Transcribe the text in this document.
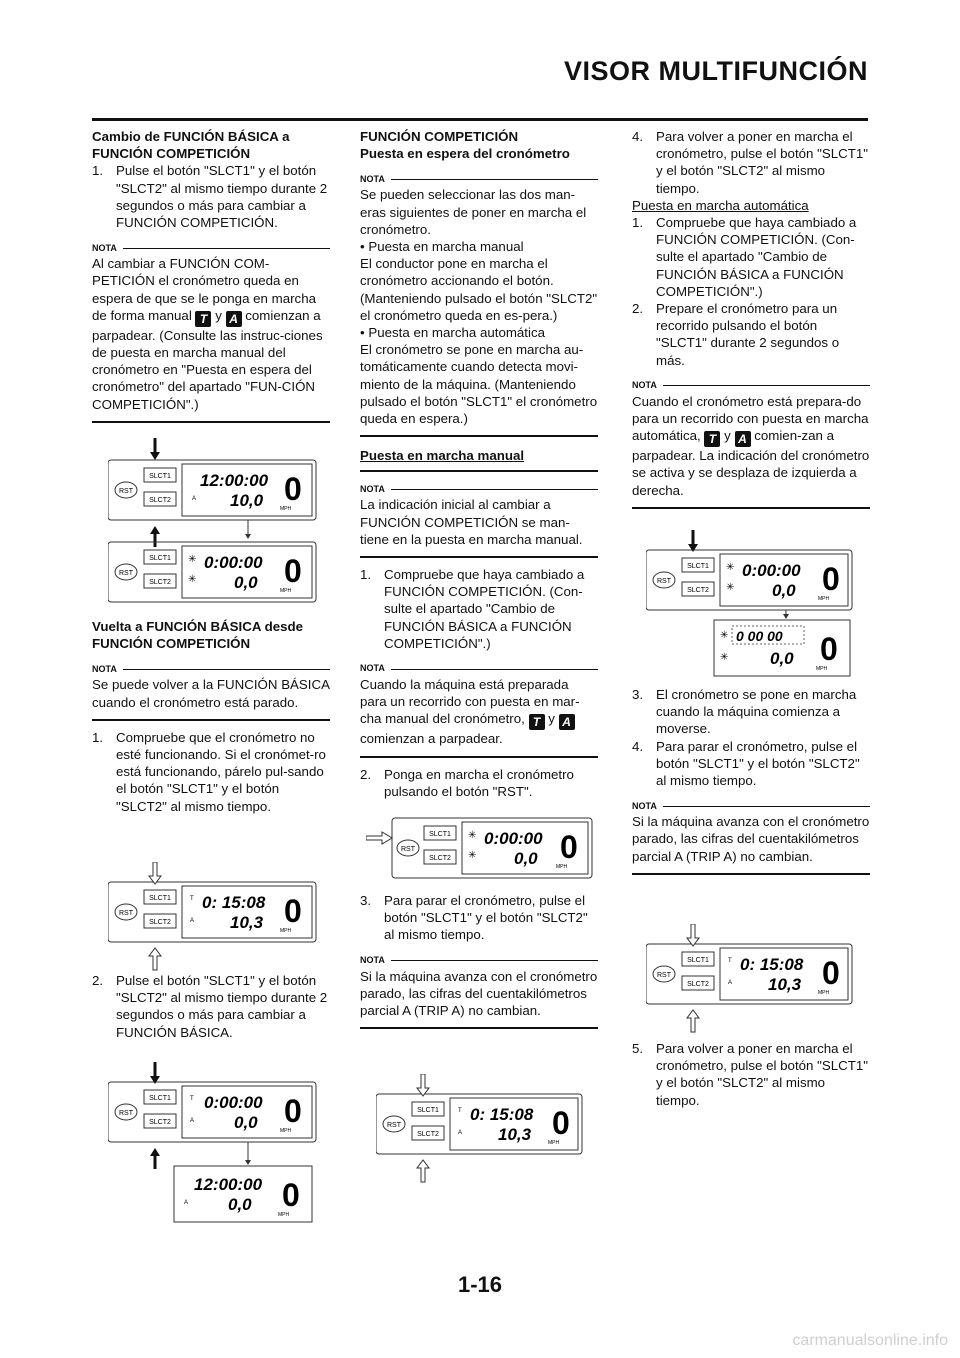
VISOR MULTIFUNCIÓN
Cambio de FUNCIÓN BÁSICA a FUNCIÓN COMPETICIÓN
1. Pulse el botón "SLCT1" y el botón "SLCT2" al mismo tiempo durante 2 segundos o más para cambiar a FUNCIÓN COMPETICIÓN.
NOTA
Al cambiar a FUNCIÓN COM-PETICIÓN el cronómetro queda en espera de que se le ponga en marcha de forma manual T y A comienzan a parpadear. (Consulte las instruc-ciones de puesta en marcha manual del cronómetro en "Puesta en espera del cronómetro" del apartado "FUN-CIÓN COMPETICIÓN".)
Vuelta a FUNCIÓN BÁSICA desde FUNCIÓN COMPETICIÓN
NOTA
Se puede volver a la FUNCIÓN BÁSICA cuando el cronómetro está parado.
1. Compruebe que el cronómetro no esté funcionando. Si el cronómet-ro está funcionando, párelo pul-sando el botón "SLCT1" y el botón "SLCT2" al mismo tiempo.
2. Pulse el botón "SLCT1" y el botón "SLCT2" al mismo tiempo durante 2 segundos o más para cambiar a FUNCIÓN BÁSICA.
FUNCIÓN COMPETICIÓN
Puesta en espera del cronómetro
NOTA
Se pueden seleccionar las dos man-eras siguientes de poner en marcha el cronómetro.
• Puesta en marcha manual
El conductor pone en marcha el cronómetro accionando el botón. (Manteniendo pulsado el botón "SLCT2" el cronómetro queda en es-pera.)
• Puesta en marcha automática
El cronómetro se pone en marcha au-tomáticamente cuando detecta movi-miento de la máquina. (Manteniendo pulsado el botón "SLCT1" el cronómetro queda en espera.)
Puesta en marcha manual
NOTA
La indicación inicial al cambiar a FUNCIÓN COMPETICIÓN se man-tiene en la puesta en marcha manual.
1. Compruebe que haya cambiado a FUNCIÓN COMPETICIÓN. (Con-sulte el apartado "Cambio de FUNCIÓN BÁSICA a FUNCIÓN COMPETICIÓN".)
NOTA
Cuando la máquina está preparada para un recorrido con puesta en mar-cha manual del cronómetro, T y A comienzan a parpadear.
2. Ponga en marcha el cronómetro pulsando el botón "RST".
3. Para parar el cronómetro, pulse el botón "SLCT1" y el botón "SLCT2" al mismo tiempo.
NOTA
Si la máquina avanza con el cronómetro parado, las cifras del cuentakilómetros parcial A (TRIP A) no cambian.
4. Para volver a poner en marcha el cronómetro, pulse el botón "SLCT1" y el botón "SLCT2" al mismo tiempo.
Puesta en marcha automática
1. Compruebe que haya cambiado a FUNCIÓN COMPETICIÓN. (Con-sulte el apartado "Cambio de FUNCIÓN BÁSICA a FUNCIÓN COMPETICIÓN".)
2. Prepare el cronómetro para un recorrido pulsando el botón "SLCT1" durante 2 segundos o más.
NOTA
Cuando el cronómetro está prepara-do para un recorrido con puesta en marcha automática, T y A comien-zan a parpadear. La indicación del cronómetro se activa y se desplaza de izquierda a derecha.
3. El cronómetro se pone en marcha cuando la máquina comienza a moverse.
4. Para parar el cronómetro, pulse el botón "SLCT1" y el botón "SLCT2" al mismo tiempo.
NOTA
Si la máquina avanza con el cronómetro parado, las cifras del cuentakilómetros parcial A (TRIP A) no cambian.
5. Para volver a poner en marcha el cronómetro, pulse el botón "SLCT1" y el botón "SLCT2" al mismo tiempo.
RST
SLCT1
SLCT2
12:00:00
A 10,0 0
MPH
RST
SLCT1
SLCT2
✳
✳
0:00:00
0,0 0
MPH
RST
SLCT1
SLCT2
T
A
0: 15:08
10,3 0
MPH
RST
SLCT1
SLCT2
T
A
0:00:00
0,0 0
MPH
12:00:00
A 0,0 0
MPH
RST
SLCT1
SLCT2
✳
✳
0:00:00
0,0 0
MPH
RST
SLCT1
SLCT2
T
A
0: 15:08
10,3 0
MPH
RST
SLCT1
SLCT2
✳
✳
0:00:00
0,0 0
MPH
✳
✳
0 00 00
0,0 0
MPH
RST
SLCT1
SLCT2
T
A
0: 15:08
10,3 0
MPH
1-16
carmanualsonline.info
